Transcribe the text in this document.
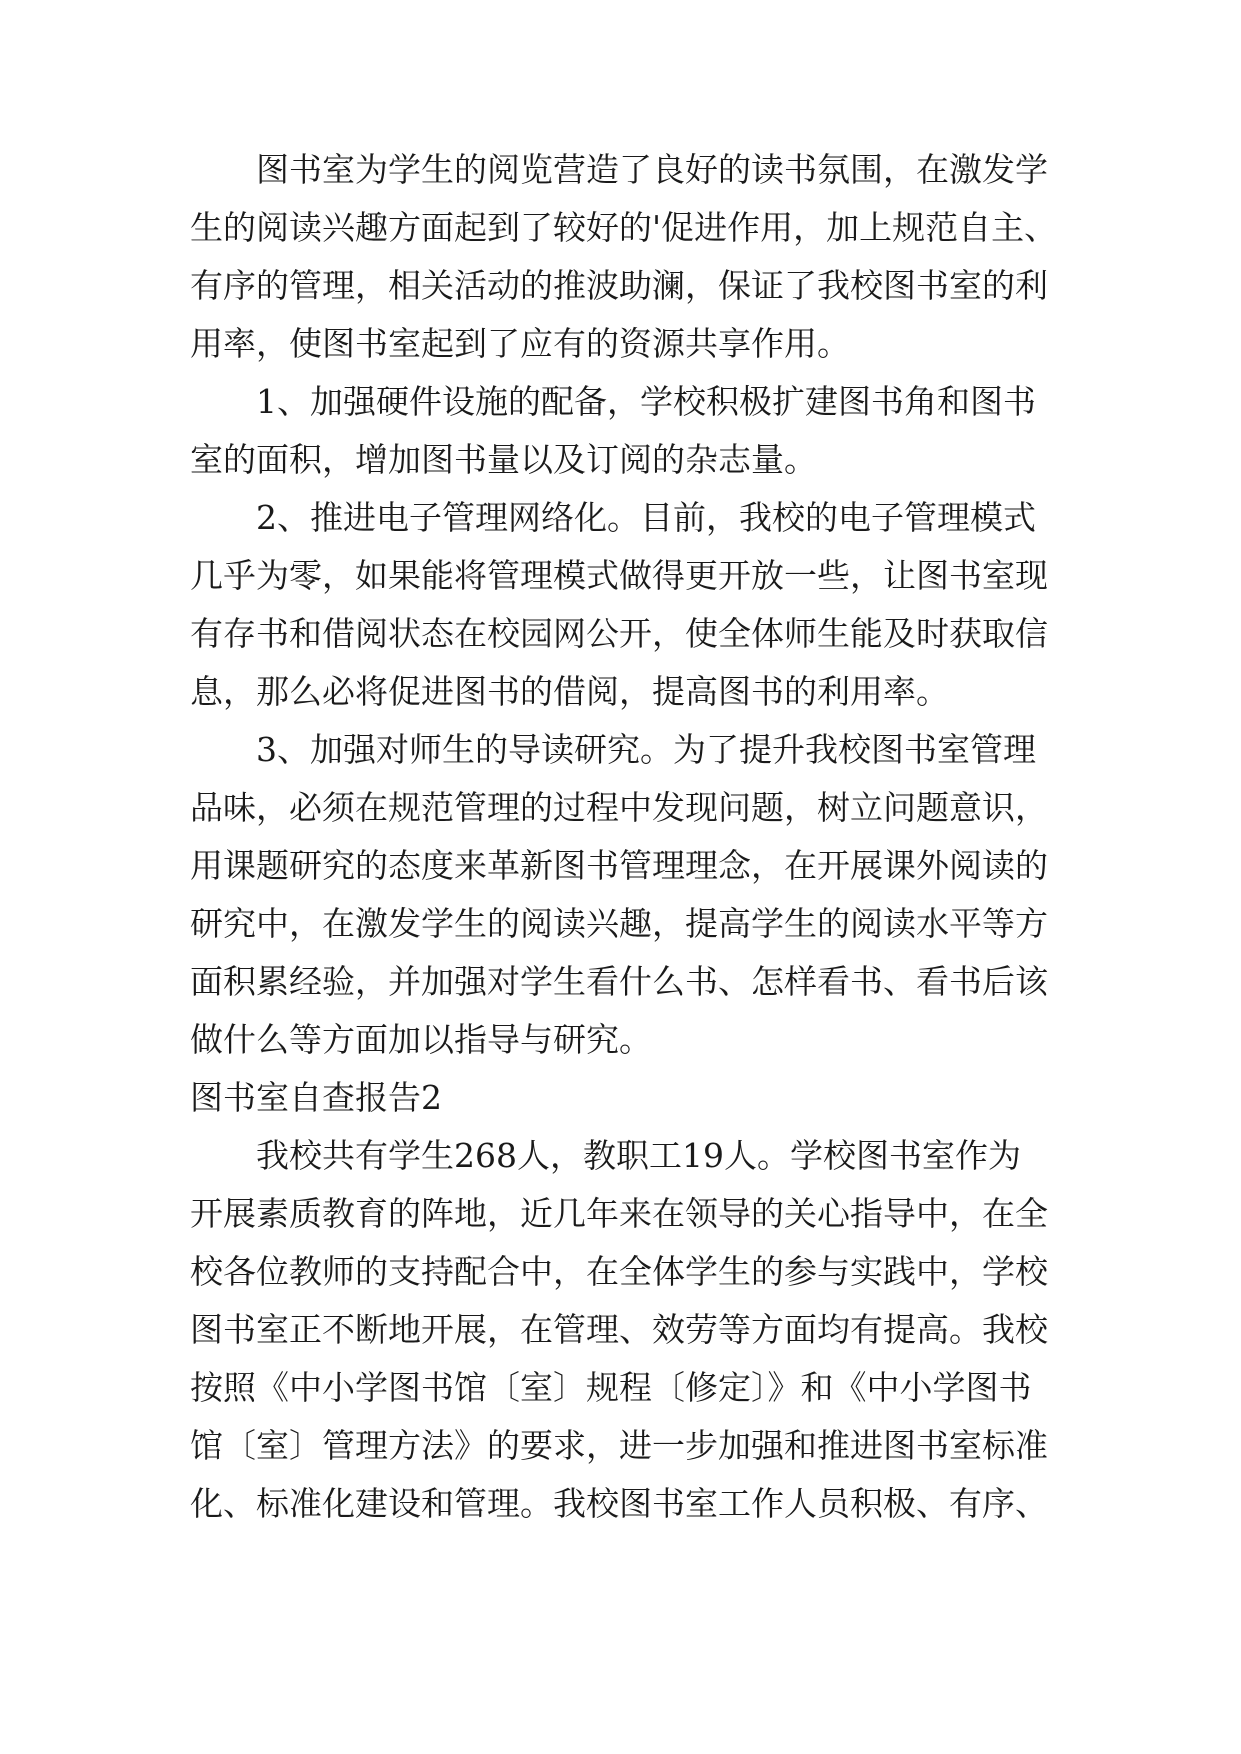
图书室为学生的阅览营造了良好的读书氛围，在激发学

生的阅读兴趣方面起到了较好的'促进作用，加上规范自主、

有序的管理，相关活动的推波助澜，保证了我校图书室的利

用率，使图书室起到了应有的资源共享作用。

1、加强硬件设施的配备，学校积极扩建图书角和图书

室的面积，增加图书量以及订阅的杂志量。

2、推进电子管理网络化。目前，我校的电子管理模式

几乎为零，如果能将管理模式做得更开放一些，让图书室现

有存书和借阅状态在校园网公开，使全体师生能及时获取信

息，那么必将促进图书的借阅，提高图书的利用率。

3、加强对师生的导读研究。为了提升我校图书室管理

品味，必须在规范管理的过程中发现问题，树立问题意识，

用课题研究的态度来革新图书管理理念，在开展课外阅读的

研究中，在激发学生的阅读兴趣，提高学生的阅读水平等方

面积累经验，并加强对学生看什么书、怎样看书、看书后该

做什么等方面加以指导与研究。

图书室自查报告2

我校共有学生268人，教职工19人。学校图书室作为

开展素质教育的阵地，近几年来在领导的关心指导中，在全

校各位教师的支持配合中，在全体学生的参与实践中，学校

图书室正不断地开展，在管理、效劳等方面均有提高。我校

按照《中小学图书馆〔室〕规程〔修定〕》和《中小学图书

馆〔室〕管理方法》的要求，进一步加强和推进图书室标准

化、标准化建设和管理。我校图书室工作人员积极、有序、
